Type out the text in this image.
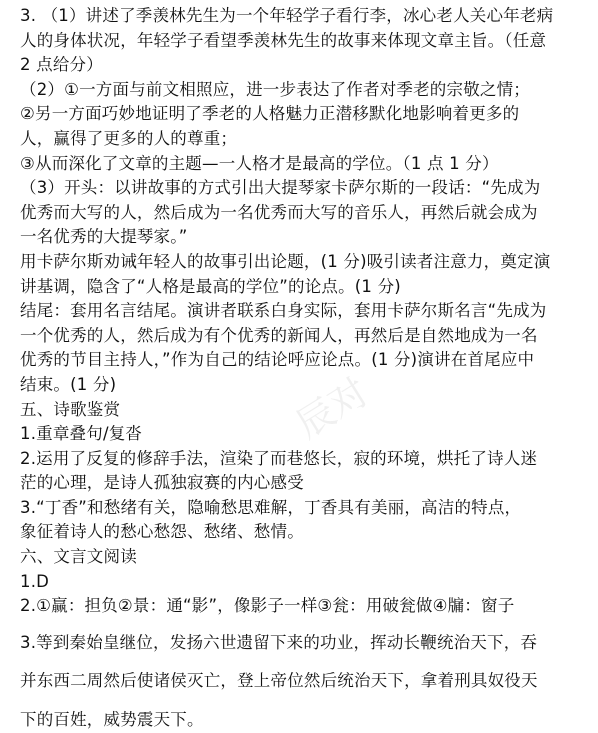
3. （1）讲述了季羡林先生为一个年轻学子看行李，冰心老人关心年老病
人的身体状况，年轻学子看望季羡林先生的故事来体现文章主旨。（任意
2 点给分）
（2）①一方面与前文相照应，进一步表达了作者对季老的宗敬之情；
②另一方面巧妙地证明了季老的人格魅力正潜移默化地影响着更多的
人，赢得了更多的人的尊重；
③从而深化了文章的主题—一人格才是最高的学位。（1 点 1 分）
（3）开头：以讲故事的方式引出大提琴家卡萨尔斯的一段话：“先成为
优秀而大写的人，然后成为一名优秀而大写的音乐人，再然后就会成为
一名优秀的大提琴家。”
用卡萨尔斯劝诫年轻人的故事引出论题，(1 分)吸引读者注意力，奠定演
讲基调，隐含了“人格是最高的学位”的论点。(1 分)
结尾：套用名言结尾。演讲者联系白身实际，套用卡萨尔斯名言“先成为
一个优秀的人，然后成为有个优秀的新闻人，再然后是自然地成为一名
优秀的节目主持人，”作为自己的结论呼应论点。(1 分)演讲在首尾应中
结束。(1 分)
五、诗歌鉴赏
1.重章叠句/复沓
2.运用了反复的修辞手法，渲染了而巷悠长，寂的环境，烘托了诗人迷
茫的心理，是诗人孤独寂赛的内心感受
3.“丁香”和愁绪有关，隐喻愁思难解，丁香具有美丽，高洁的特点，
象征着诗人的愁心愁怨、愁绪、愁情。
六、文言文阅读
1.D
2.①赢：担负②景：通“影”，像影子一样③瓮：用破瓮做④牖：窗子
3.等到秦始皇继位，发扬六世遗留下来的功业，挥动长鞭统治天下，吞
并东西二周然后使诸侯灭亡，登上帝位然后统治天下，拿着刑具奴役天
下的百姓，威势震天下。
辰对
